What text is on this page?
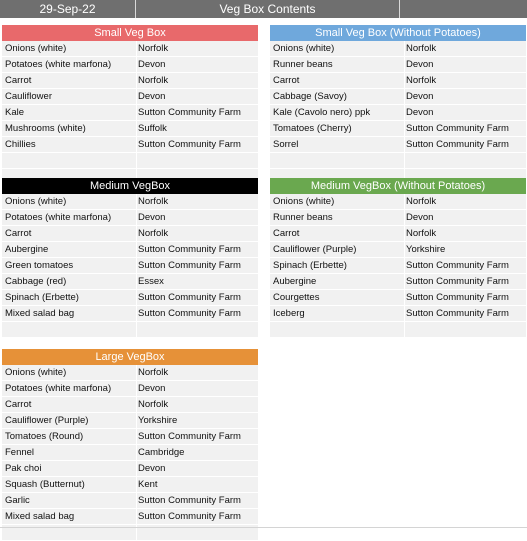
29-Sep-22	Veg Box Contents
Small Veg Box
Onions (white)	Norfolk
Potatoes (white marfona)	Devon
Carrot	Norfolk
Cauliflower	Devon
Kale	Sutton Community Farm
Mushrooms (white)	Suffolk
Chillies	Sutton Community Farm
Small Veg Box (Without Potatoes)
Onions (white)	Norfolk
Runner beans	Devon
Carrot	Norfolk
Cabbage (Savoy)	Devon
Kale (Cavolo nero) ppk	Devon
Tomatoes (Cherry)	Sutton Community Farm
Sorrel	Sutton Community Farm
Medium VegBox
Onions (white)	Norfolk
Potatoes (white marfona)	Devon
Carrot	Norfolk
Aubergine	Sutton Community Farm
Green tomatoes	Sutton Community Farm
Cabbage (red)	Essex
Spinach (Erbette)	Sutton Community Farm
Mixed salad bag	Sutton Community Farm
Medium VegBox (Without Potatoes)
Onions (white)	Norfolk
Runner beans	Devon
Carrot	Norfolk
Cauliflower (Purple)	Yorkshire
Spinach (Erbette)	Sutton Community Farm
Aubergine	Sutton Community Farm
Courgettes	Sutton Community Farm
Iceberg	Sutton Community Farm
Large VegBox
Onions (white)	Norfolk
Potatoes (white marfona)	Devon
Carrot	Norfolk
Cauliflower (Purple)	Yorkshire
Tomatoes (Round)	Sutton Community Farm
Fennel	Cambridge
Pak choi	Devon
Squash (Butternut)	Kent
Garlic	Sutton Community Farm
Mixed salad bag	Sutton Community Farm
